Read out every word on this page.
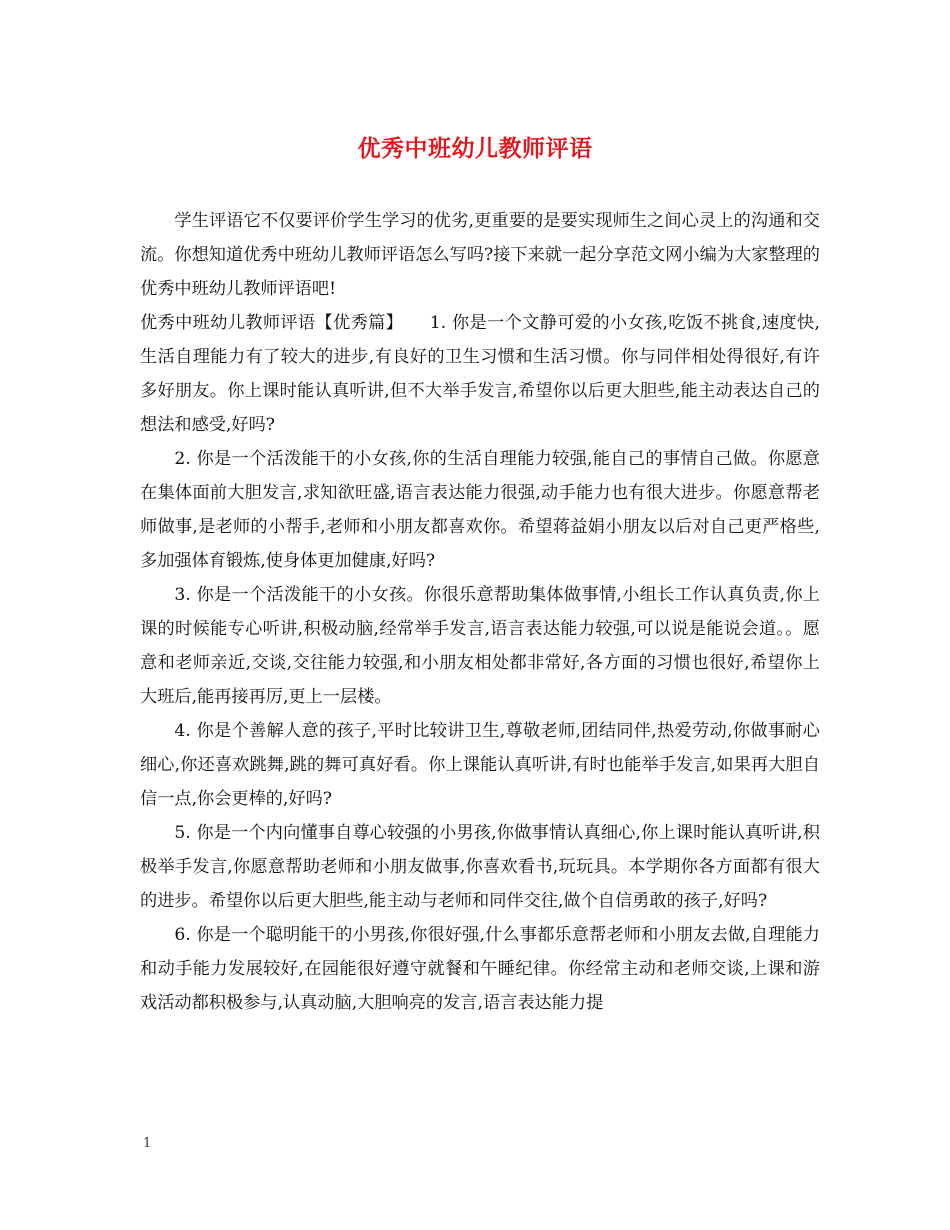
优秀中班幼儿教师评语

学生评语它不仅要评价学生学习的优劣,更重要的是要实现师生之间心灵上的沟通和交流。你想知道优秀中班幼儿教师评语怎么写吗?接下来就一起分享范文网小编为大家整理的优秀中班幼儿教师评语吧!

优秀中班幼儿教师评语【优秀篇】　　 1. 你是一个文静可爱的小女孩,吃饭不挑食,速度快,生活自理能力有了较大的进步,有良好的卫生习惯和生活习惯。你与同伴相处得很好,有许多好朋友。你上课时能认真听讲,但不大举手发言,希望你以后更大胆些,能主动表达自己的想法和感受,好吗?

2. 你是一个活泼能干的小女孩,你的生活自理能力较强,能自己的事情自己做。你愿意在集体面前大胆发言,求知欲旺盛,语言表达能力很强,动手能力也有很大进步。你愿意帮老师做事,是老师的小帮手,老师和小朋友都喜欢你。希望蒋益娟小朋友以后对自己更严格些,多加强体育锻炼,使身体更加健康,好吗?

3. 你是一个活泼能干的小女孩。你很乐意帮助集体做事情,小组长工作认真负责,你上课的时候能专心听讲,积极动脑,经常举手发言,语言表达能力较强,可以说是能说会道。。愿意和老师亲近,交谈,交往能力较强,和小朋友相处都非常好,各方面的习惯也很好,希望你上大班后,能再接再厉,更上一层楼。

4. 你是个善解人意的孩子,平时比较讲卫生,尊敬老师,团结同伴,热爱劳动,你做事耐心细心,你还喜欢跳舞,跳的舞可真好看。你上课能认真听讲,有时也能举手发言,如果再大胆自信一点,你会更棒的,好吗?

5. 你是一个内向懂事自尊心较强的小男孩,你做事情认真细心,你上课时能认真听讲,积极举手发言,你愿意帮助老师和小朋友做事,你喜欢看书,玩玩具。本学期你各方面都有很大的进步。希望你以后更大胆些,能主动与老师和同伴交往,做个自信勇敢的孩子,好吗?

6. 你是一个聪明能干的小男孩,你很好强,什么事都乐意帮老师和小朋友去做,自理能力和动手能力发展较好,在园能很好遵守就餐和午睡纪律。你经常主动和老师交谈,上课和游戏活动都积极参与,认真动脑,大胆响亮的发言,语言表达能力提

1
